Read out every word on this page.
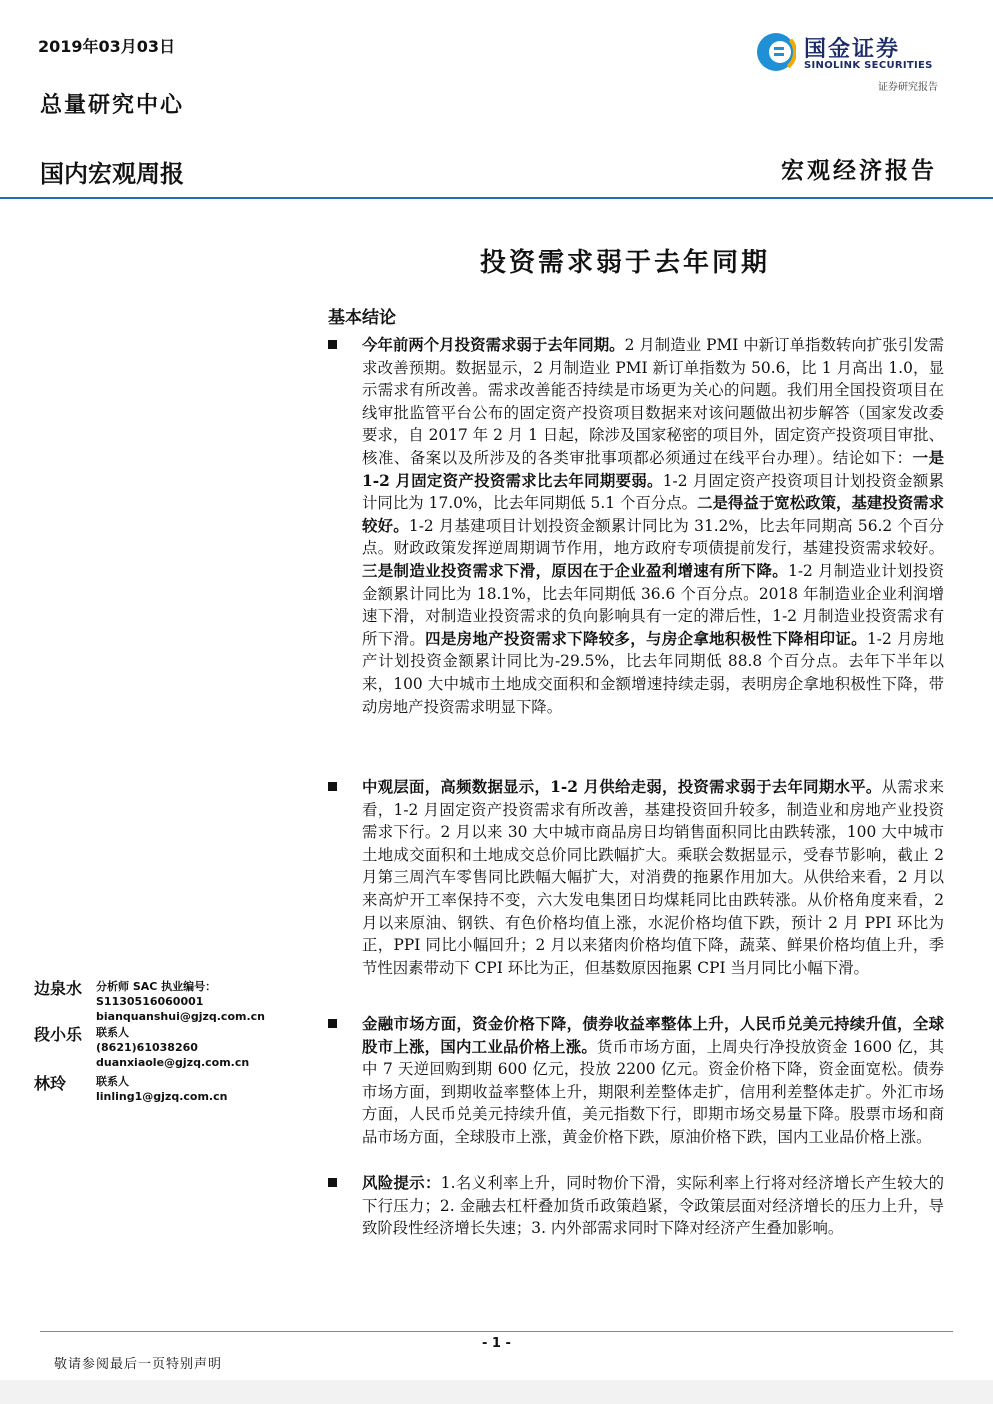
2019年03月03日
总量研究中心
国金证券
SINOLINK SECURITIES
证券研究报告
国内宏观周报	宏观经济报告
投资需求弱于去年同期
基本结论
今年前两个月投资需求弱于去年同期。2 月制造业 PMI 中新订单指数转向扩张引发需求改善预期。数据显示，2 月制造业 PMI 新订单指数为 50.6，比 1 月高出 1.0，显示需求有所改善。需求改善能否持续是市场更为关心的问题。我们用全国投资项目在线审批监管平台公布的固定资产投资项目数据来对该问题做出初步解答（国家发改委要求，自 2017 年 2 月 1 日起，除涉及国家秘密的项目外，固定资产投资项目审批、核准、备案以及所涉及的各类审批事项都必须通过在线平台办理）。结论如下：一是 1-2 月固定资产投资需求比去年同期要弱。1-2 月固定资产投资项目计划投资金额累计同比为 17.0%，比去年同期低 5.1 个百分点。二是得益于宽松政策，基建投资需求较好。1-2 月基建项目计划投资金额累计同比为 31.2%，比去年同期高 56.2 个百分点。财政政策发挥逆周期调节作用，地方政府专项债提前发行，基建投资需求较好。三是制造业投资需求下滑，原因在于企业盈利增速有所下降。1-2 月制造业计划投资金额累计同比为 18.1%，比去年同期低 36.6 个百分点。2018 年制造业企业利润增速下滑，对制造业投资需求的负向影响具有一定的滞后性，1-2 月制造业投资需求有所下滑。四是房地产投资需求下降较多，与房企拿地积极性下降相印证。1-2 月房地产计划投资金额累计同比为-29.5%，比去年同期低 88.8 个百分点。去年下半年以来，100 大中城市土地成交面积和金额增速持续走弱，表明房企拿地积极性下降，带动房地产投资需求明显下降。
中观层面，高频数据显示，1-2 月供给走弱，投资需求弱于去年同期水平。从需求来看，1-2 月固定资产投资需求有所改善，基建投资回升较多，制造业和房地产业投资需求下行。2 月以来 30 大中城市商品房日均销售面积同比由跌转涨，100 大中城市土地成交面积和土地成交总价同比跌幅扩大。乘联会数据显示，受春节影响，截止 2 月第三周汽车零售同比跌幅大幅扩大，对消费的拖累作用加大。从供给来看，2 月以来高炉开工率保持不变，六大发电集团日均煤耗同比由跌转涨。从价格角度来看，2 月以来原油、钢铁、有色价格均值上涨，水泥价格均值下跌，预计 2 月 PPI 环比为正，PPI 同比小幅回升；2 月以来猪肉价格均值下降，蔬菜、鲜果价格均值上升，季节性因素带动下 CPI 环比为正，但基数原因拖累 CPI 当月同比小幅下滑。
金融市场方面，资金价格下降，债券收益率整体上升，人民币兑美元持续升值，全球股市上涨，国内工业品价格上涨。货币市场方面，上周央行净投放资金 1600 亿，其中 7 天逆回购到期 600 亿元，投放 2200 亿元。资金价格下降，资金面宽松。债券市场方面，到期收益率整体上升，期限利差整体走扩，信用利差整体走扩。外汇市场方面，人民币兑美元持续升值，美元指数下行，即期市场交易量下降。股票市场和商品市场方面，全球股市上涨，黄金价格下跌，原油价格下跌，国内工业品价格上涨。
风险提示：1.名义利率上升，同时物价下滑，实际利率上行将对经济增长产生较大的下行压力；2. 金融去杠杆叠加货币政策趋紧，令政策层面对经济增长的压力上升，导致阶段性经济增长失速；3. 内外部需求同时下降对经济产生叠加影响。
边泉水 分析师 SAC 执业编号：S1130516060001
bianquanshui@gjzq.com.cn
段小乐 联系人
(8621)61038260
duanxiaole@gjzq.com.cn
林玲	联系人
linling1@gjzq.com.cn
- 1 -
敬请参阅最后一页特别声明
